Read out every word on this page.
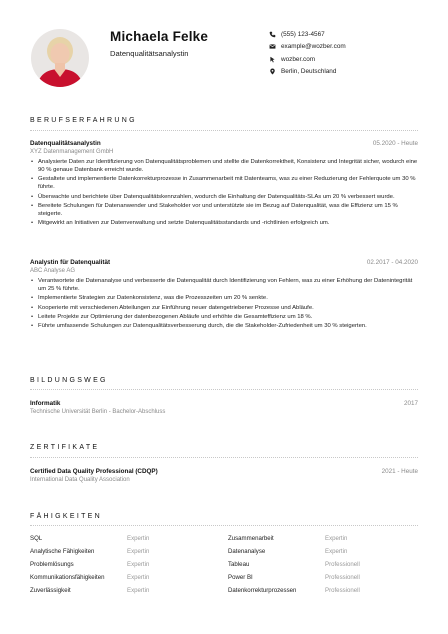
Michaela Felke
Datenqualitätsanalystin
(555) 123-4567
example@wozber.com
wozber.com
Berlin, Deutschland
BERUFSERFAHRUNG
Datenqualitätsanalystin	05.2020 - Heute
XYZ Datenmanagement GmbH
• Analysierte Daten zur Identifizierung von Datenqualitätsproblemen und stellte die Datenkorrektheit, Konsistenz und Integrität sicher, wodurch eine 90 % genaue Datenbank erreicht wurde.
• Gestaltete und implementierte Datenkorrekturprozesse in Zusammenarbeit mit Datenteams, was zu einer Reduzierung der Fehlerquote um 30 % führte.
• Überwachte und berichtete über Datenqualitätskennzahlen, wodurch die Einhaltung der Datenqualitäts-SLAs um 20 % verbessert wurde.
• Bereitete Schulungen für Datenanwender und Stakeholder vor und unterstützte sie im Bezug auf Datenqualität, was die Effizienz um 15 % steigerte.
• Mitgewirkt an Initiativen zur Datenverwaltung und setzte Datenqualitätsstandards und -richtlinien erfolgreich um.
Analystin für Datenqualität	02.2017 - 04.2020
ABC Analyse AG
• Verantwortete die Datenanalyse und verbesserte die Datenqualität durch Identifizierung von Fehlern, was zu einer Erhöhung der Datenintegrität um 25 % führte.
• Implementierte Strategien zur Datenkonsistenz, was die Prozesszeiten um 20 % senkte.
• Kooperierte mit verschiedenen Abteilungen zur Einführung neuer datengetriebener Prozesse und Abläufe.
• Leitete Projekte zur Optimierung der datenbezogenen Abläufe und erhöhte die Gesamteffizienz um 18 %.
• Führte umfassende Schulungen zur Datenqualitätsverbesserung durch, die die Stakeholder-Zufriedenheit um 30 % steigerten.
BILDUNGSWEG
Informatik	2017
Technische Universität Berlin - Bachelor-Abschluss
ZERTIFIKATE
Certified Data Quality Professional (CDQP)	2021 - Heute
International Data Quality Association
FÄHIGKEITEN
SQL	Expertin	Zusammenarbeit	Expertin
Analytische Fähigkeiten	Expertin	Datenanalyse	Expertin
Problemlösungs	Expertin	Tableau	Professionell
Kommunikationsfähigkeiten	Expertin	Power BI	Professionell
Zuverlässigkeit	Expertin	Datenkorrekturprozessen	Professionell
